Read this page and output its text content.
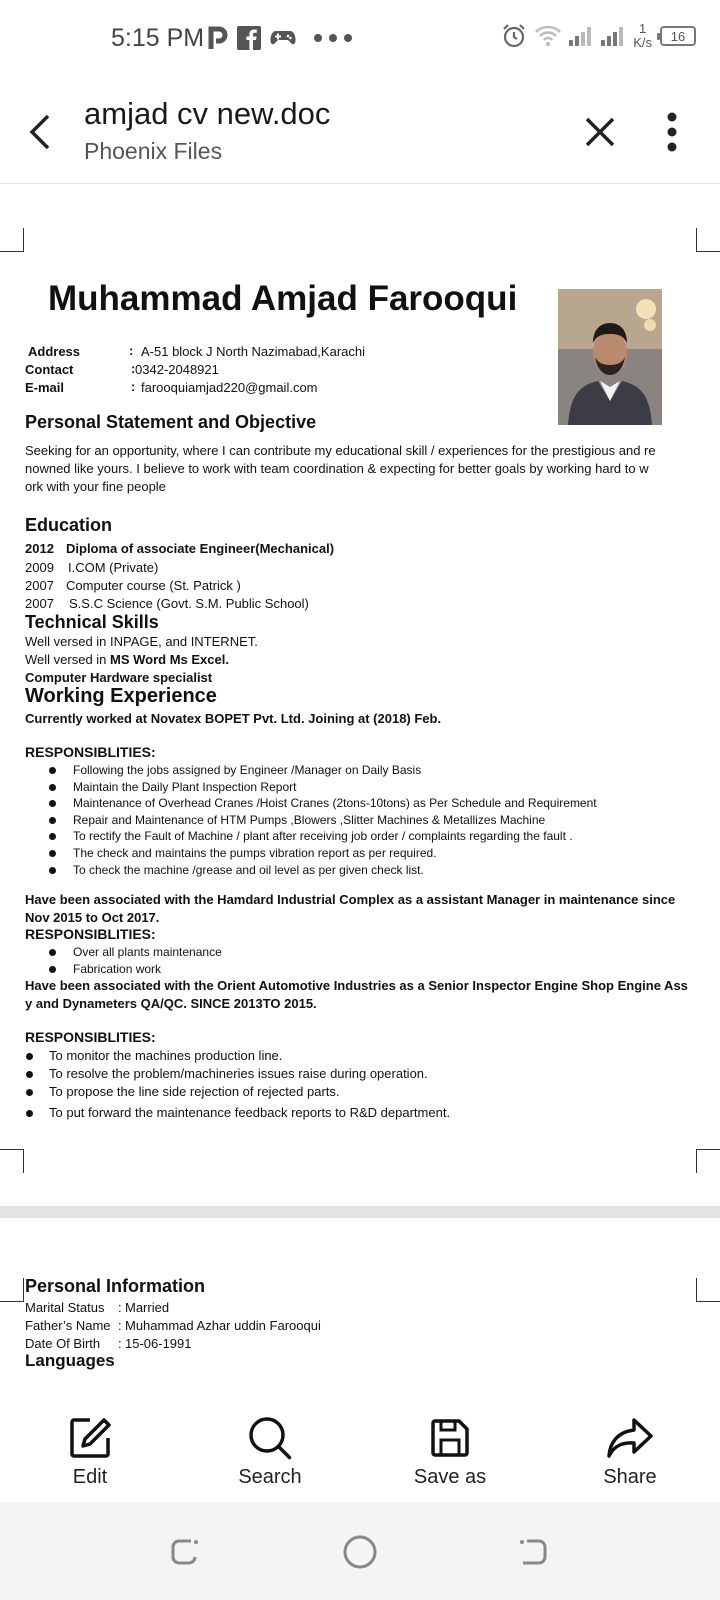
5:15 PM	1
K/s 16
amjad cv new.doc
Phoenix Files
Muhammad Amjad Farooqui
Address	: A-51 block J North Nazimabad,Karachi
Contact	: 0342-2048921
E-mail	: farooquiamjad220@gmail.com
Personal Statement and Objective
Seeking for an opportunity, where I can contribute my educational skill / experiences for the prestigious and re
nowned like yours. I believe to work with team coordination & expecting for better goals by working hard to w
ork with your fine people
Education
2012 Diploma of associate Engineer(Mechanical)
2009 I.COM (Private)
2007 Computer course (St. Patrick )
2007 S.S.C Science (Govt. S.M. Public School)
Technical Skills
Well versed in INPAGE, and INTERNET.
Well versed in MS Word Ms Excel.
Computer Hardware specialist
Working Experience
Currently worked at Novatex BOPET Pvt. Ltd. Joining at (2018) Feb.
RESPONSIBLITIES:
Following the jobs assigned by Engineer /Manager on Daily Basis
Maintain the Daily Plant Inspection Report
Maintenance of Overhead Cranes /Hoist Cranes (2tons-10tons) as Per Schedule and Requirement
Repair and Maintenance of HTM Pumps ,Blowers ,Slitter Machines & Metallizes Machine
To rectify the Fault of Machine / plant after receiving job order / complaints regarding the fault .
The check and maintains the pumps vibration report as per required.
To check the machine /grease and oil level as per given check list.
Have been associated with the Hamdard Industrial Complex as a assistant Manager in maintenance since
Nov 2015 to Oct 2017.
RESPONSIBLITIES:
Over all plants maintenance
Fabrication work
Have been associated with the Orient Automotive Industries as a Senior Inspector Engine Shop Engine Ass
y and Dynameters QA/QC. SINCE 2013TO 2015.
RESPONSIBLITIES:
To monitor the machines production line.
To resolve the problem/machineries issues raise during operation.
To propose the line side rejection of rejected parts.
To put forward the maintenance feedback reports to R&D department.
Personal Information
Marital Status : Married
Father’s Name : Muhammad Azhar uddin Farooqui
Date Of Birth : 15-06-1991
Languages
Edit	Search	Save as	Share
